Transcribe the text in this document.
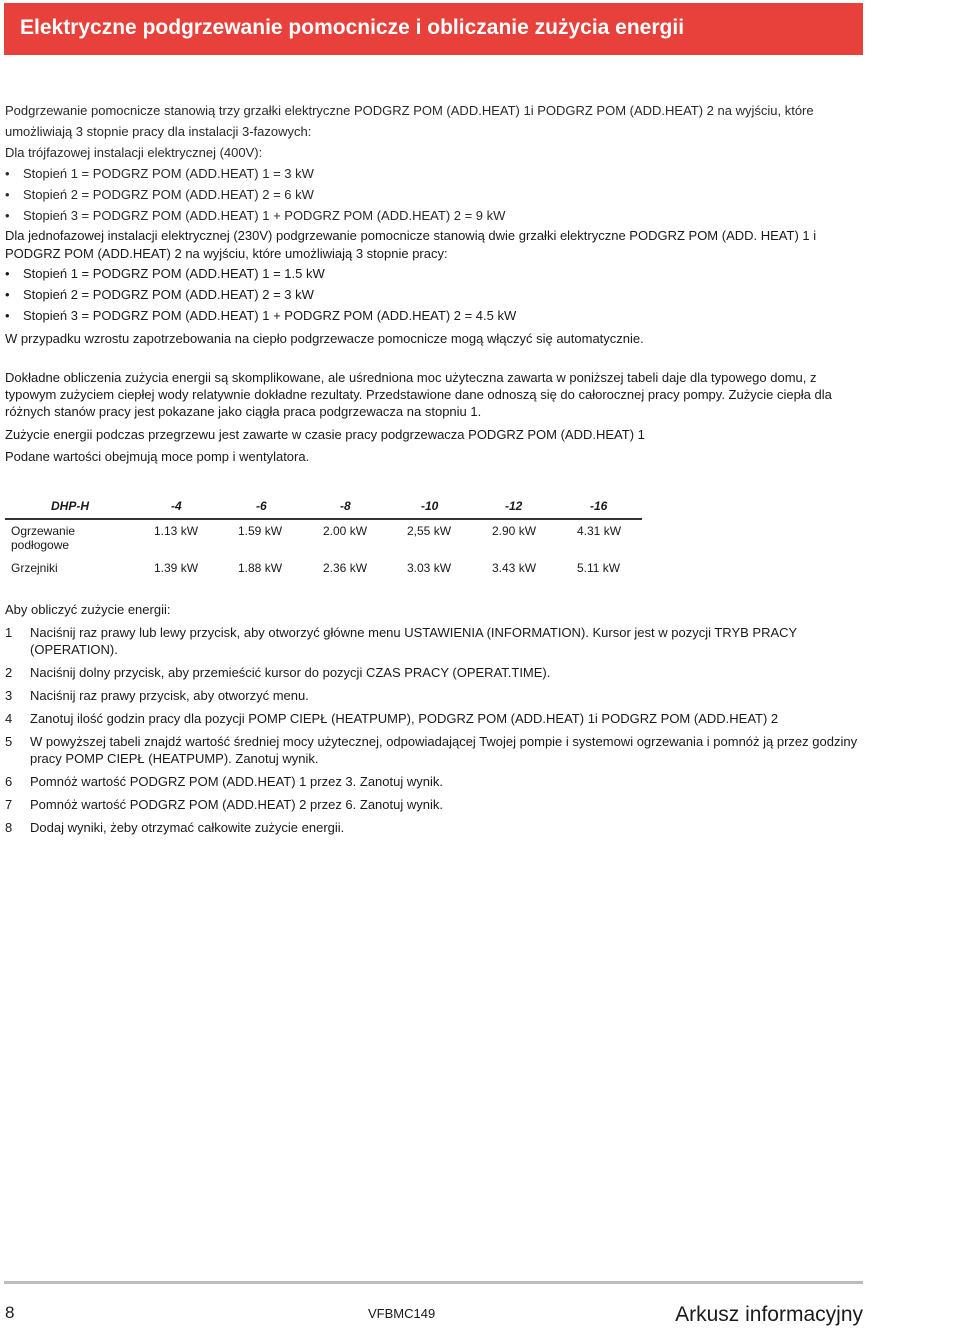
Elektryczne podgrzewanie pomocnicze i obliczanie zużycia energii

Podgrzewanie pomocnicze stanowią trzy grzałki elektryczne PODGRZ POM (ADD.HEAT) 1i PODGRZ POM (ADD.HEAT) 2 na wyjściu, które umożliwiają 3 stopnie pracy dla instalacji 3-fazowych:

Dla trójfazowej instalacji elektrycznej (400V):

• Stopień 1 = PODGRZ POM (ADD.HEAT) 1 = 3 kW

• Stopień 2 = PODGRZ POM (ADD.HEAT) 2 = 6 kW

• Stopień 3 = PODGRZ POM (ADD.HEAT) 1 + PODGRZ POM (ADD.HEAT) 2 = 9 kW

Dla jednofazowej instalacji elektrycznej (230V) podgrzewanie pomocnicze stanowią dwie grzałki elektryczne PODGRZ POM (ADD. HEAT) 1 i PODGRZ POM (ADD.HEAT) 2 na wyjściu, które umożliwiają 3 stopnie pracy:

• Stopień 1 = PODGRZ POM (ADD.HEAT) 1 = 1.5 kW

• Stopień 2 = PODGRZ POM (ADD.HEAT) 2 = 3 kW

• Stopień 3 = PODGRZ POM (ADD.HEAT) 1 + PODGRZ POM (ADD.HEAT) 2 = 4.5 kW

W przypadku wzrostu zapotrzebowania na ciepło podgrzewacze pomocnicze mogą włączyć się automatycznie.

Dokładne obliczenia zużycia energii są skomplikowane, ale uśredniona moc użyteczna zawarta w poniższej tabeli daje dla typowego domu, z typowym zużyciem ciepłej wody relatywnie dokładne rezultaty. Przedstawione dane odnoszą się do całorocznej pracy pompy. Zużycie ciepła dla różnych stanów pracy jest pokazane jako ciągła praca podgrzewacza na stopniu 1.

Zużycie energii podczas przegrzewu jest zawarte w czasie pracy podgrzewacza PODGRZ POM (ADD.HEAT) 1

Podane wartości obejmują moce pomp i wentylatora.

DHP-H	-4	-6	-8	-10	-12	-16
Ogrzewanie
podłogowe
1.13 kW	1.59 kW	2.00 kW	2,55 kW	2.90 kW	4.31 kW
Grzejniki	1.39 kW	1.88 kW	2.36 kW	3.03 kW	3.43 kW	5.11 kW

Aby obliczyć zużycie energii:

1 Naciśnij raz prawy lub lewy przycisk, aby otworzyć główne menu USTAWIENIA (INFORMATION). Kursor jest w pozycji TRYB PRACY (OPERATION).
2 Naciśnij dolny przycisk, aby przemieścić kursor do pozycji CZAS PRACY (OPERAT.TIME).
3 Naciśnij raz prawy przycisk, aby otworzyć menu.
4 Zanotuj ilość godzin pracy dla pozycji POMP CIEPŁ (HEATPUMP), PODGRZ POM (ADD.HEAT) 1i PODGRZ POM (ADD.HEAT) 2
5 W powyższej tabeli znajdź wartość średniej mocy użytecznej, odpowiadającej Twojej pompie i systemowi ogrzewania i pomnóż ją przez godziny pracy POMP CIEPŁ (HEATPUMP). Zanotuj wynik.
6 Pomnóż wartość PODGRZ POM (ADD.HEAT) 1 przez 3. Zanotuj wynik.
7 Pomnóż wartość PODGRZ POM (ADD.HEAT) 2 przez 6. Zanotuj wynik.
8 Dodaj wyniki, żeby otrzymać całkowite zużycie energii.
8	VFBMC149	Arkusz informacyjny
